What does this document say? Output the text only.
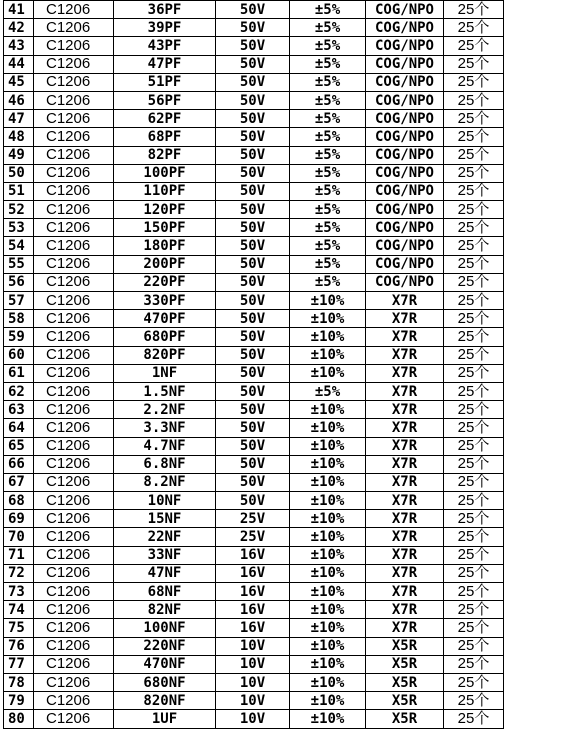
41	C1206	36PF	50V	±5%	COG/NPO	25个
42	C1206	39PF	50V	±5%	COG/NPO	25个
43	C1206	43PF	50V	±5%	COG/NPO	25个
44	C1206	47PF	50V	±5%	COG/NPO	25个
45	C1206	51PF	50V	±5%	COG/NPO	25个
46	C1206	56PF	50V	±5%	COG/NPO	25个
47	C1206	62PF	50V	±5%	COG/NPO	25个
48	C1206	68PF	50V	±5%	COG/NPO	25个
49	C1206	82PF	50V	±5%	COG/NPO	25个
50	C1206	100PF	50V	±5%	COG/NPO	25个
51	C1206	110PF	50V	±5%	COG/NPO	25个
52	C1206	120PF	50V	±5%	COG/NPO	25个
53	C1206	150PF	50V	±5%	COG/NPO	25个
54	C1206	180PF	50V	±5%	COG/NPO	25个
55	C1206	200PF	50V	±5%	COG/NPO	25个
56	C1206	220PF	50V	±5%	COG/NPO	25个
57	C1206	330PF	50V	±10%	X7R	25个
58	C1206	470PF	50V	±10%	X7R	25个
59	C1206	680PF	50V	±10%	X7R	25个
60	C1206	820PF	50V	±10%	X7R	25个
61	C1206	1NF	50V	±10%	X7R	25个
62	C1206	1.5NF	50V	±5%	X7R	25个
63	C1206	2.2NF	50V	±10%	X7R	25个
64	C1206	3.3NF	50V	±10%	X7R	25个
65	C1206	4.7NF	50V	±10%	X7R	25个
66	C1206	6.8NF	50V	±10%	X7R	25个
67	C1206	8.2NF	50V	±10%	X7R	25个
68	C1206	10NF	50V	±10%	X7R	25个
69	C1206	15NF	25V	±10%	X7R	25个
70	C1206	22NF	25V	±10%	X7R	25个
71	C1206	33NF	16V	±10%	X7R	25个
72	C1206	47NF	16V	±10%	X7R	25个
73	C1206	68NF	16V	±10%	X7R	25个
74	C1206	82NF	16V	±10%	X7R	25个
75	C1206	100NF	16V	±10%	X7R	25个
76	C1206	220NF	10V	±10%	X5R	25个
77	C1206	470NF	10V	±10%	X5R	25个
78	C1206	680NF	10V	±10%	X5R	25个
79	C1206	820NF	10V	±10%	X5R	25个
80	C1206	1UF	10V	±10%	X5R	25个
